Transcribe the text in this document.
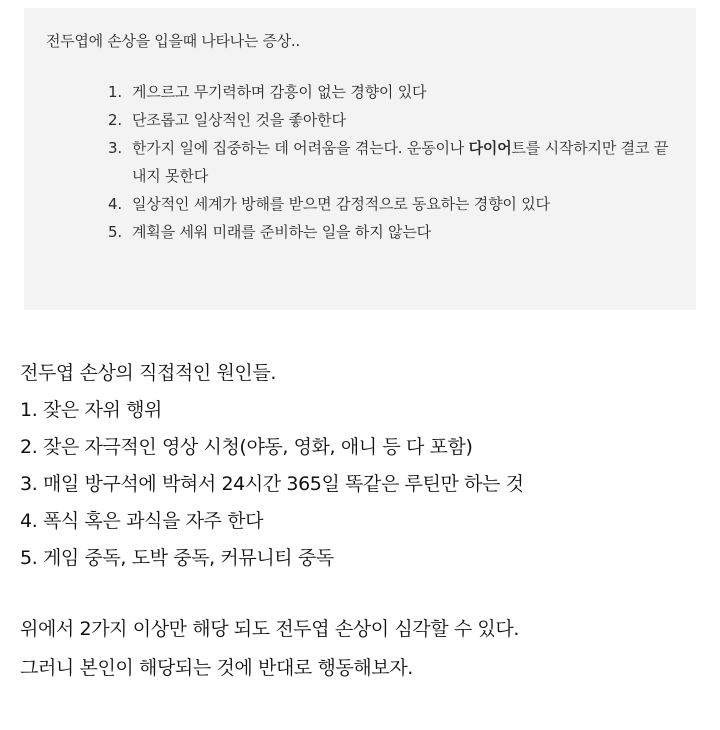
전두엽에 손상을 입을때 나타나는 증상..

1. 게으르고 무기력하며 감흥이 없는 경향이 있다
2. 단조롭고 일상적인 것을 좋아한다
3. 한가지 일에 집중하는 데 어려움을 겪는다. 운동이나 다이어트를 시작하지만 결코 끝내지 못한다
4. 일상적인 세계가 방해를 받으면 감정적으로 동요하는 경향이 있다
5. 계획을 세워 미래를 준비하는 일을 하지 않는다

전두엽 손상의 직접적인 원인들.

1. 잦은 자위 행위

2. 잦은 자극적인 영상 시청(야동, 영화, 애니 등 다 포함)

3. 매일 방구석에 박혀서 24시간 365일 똑같은 루틴만 하는 것

4. 폭식 혹은 과식을 자주 한다

5. 게임 중독, 도박 중독, 커뮤니티 중독

위에서 2가지 이상만 해당 되도 전두엽 손상이 심각할 수 있다.

그러니 본인이 해당되는 것에 반대로 행동해보자.
